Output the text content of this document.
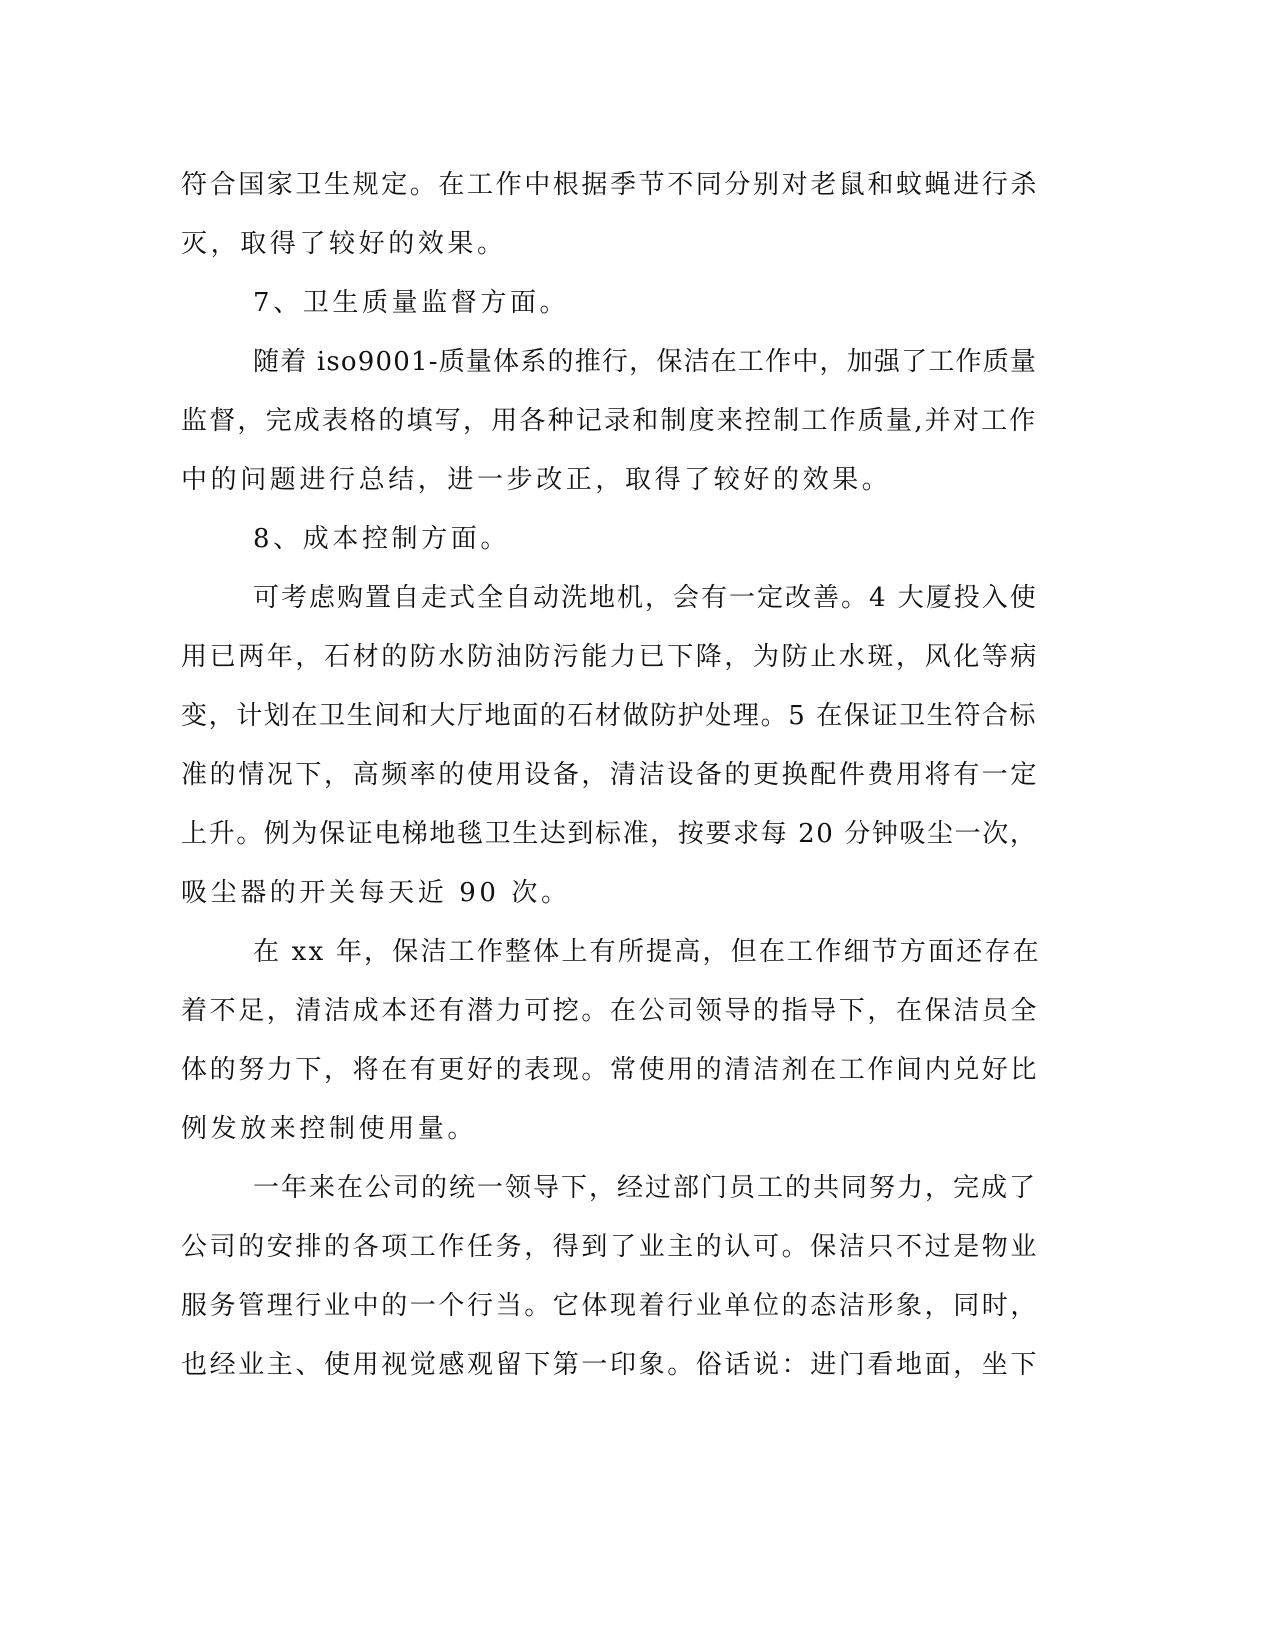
符合国家卫生规定。在工作中根据季节不同分别对老鼠和蚊蝇进行杀
灭，取得了较好的效果。
7、卫生质量监督方面。
随着 iso9001-质量体系的推行，保洁在工作中，加强了工作质量
监督，完成表格的填写，用各种记录和制度来控制工作质量,并对工作
中的问题进行总结，进一步改正，取得了较好的效果。
8、成本控制方面。
可考虑购置自走式全自动洗地机，会有一定改善。4 大厦投入使
用已两年，石材的防水防油防污能力已下降，为防止水斑，风化等病
变，计划在卫生间和大厅地面的石材做防护处理。5 在保证卫生符合标
准的情况下，高频率的使用设备，清洁设备的更换配件费用将有一定
上升。例为保证电梯地毯卫生达到标准，按要求每 20 分钟吸尘一次，
吸尘器的开关每天近 90 次。
在 xx 年，保洁工作整体上有所提高，但在工作细节方面还存在
着不足，清洁成本还有潜力可挖。在公司领导的指导下，在保洁员全
体的努力下，将在有更好的表现。常使用的清洁剂在工作间内兑好比
例发放来控制使用量。
一年来在公司的统一领导下，经过部门员工的共同努力，完成了
公司的安排的各项工作任务，得到了业主的认可。保洁只不过是物业
服务管理行业中的一个行当。它体现着行业单位的态洁形象，同时，
也经业主、使用视觉感观留下第一印象。俗话说：进门看地面，坐下
